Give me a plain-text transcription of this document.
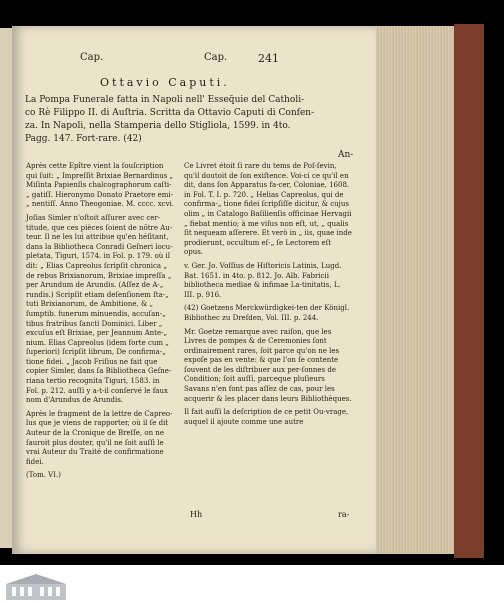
Cap.	Cap.	241
Ottavio Caputi.
La Pompa Funerale fatta in Napoli nell' Esseq̃uie del Catholi-
co Rè Filippo II. di Auſtria. Scritta da Ottavio Caputi di Confen-
za. In Napoli, nella Stamperia dello Stigliola, 1599. in 4to.
Pagg. 147. Fort-rare. (42)
An-

Après cette Epître vient la ſouſcription qui ſuit: „ Impreſſit Brixiae Bernardinus „ Miſinta Papienſis chalcographorum caſti-„ gatiſſ. Hieronymo Donato Praetore emi-„ nentiſſ. Anno Theogoniae. M. cccc. xcvi.

Joſias Simler n'oſtoit aſſurer avec cer-titude, que ces pièces ſoient de nôtre Au-teur. Il ne les lui attribue qu'en héſitant, dans la Bibliotheca Conradi Geſneri locu-pletata, Tiguri, 1574. in Fol. p. 179. où il dit: „ Elias Capreolus ſcripſit chronica „ de rebus Brixianorum, Brixiae impreſſa „ per Arundum de Arundis. (Aſſez de A-„ rundis.) Scripſit etiam deſenſionem ſta-„ tuti Brixianorum, de Ambitione, & „ ſumptib. funerum minuendis, accuſan-„ tibus fratribus ſancti Dominici. Liber „ excuſus eſt Brixiae, per Jeannum Ante-„ nium. Elias Capreolus (idem forte cum „ ſuperiori) ſcripſit librum, De confirma-„ tione fidei. „ Jacob Friſius ne fait que copier Simler, dans ſa Bibliotheca Geſne-riana tertio recognita Tiguri, 1583. in Fol. p. 212. auſſi y a-t-il conſervé le faux nom d'Arundus de Arundis.

Après le fragment de la lettre de Capreo-lus que je viens de rapporter, où il ſe dit Auteur de la Cronique de Breſſe, on ne ſauroit plus douter, qu'il ne ſoit auſſi le vrai Auteur du Traité de confirmatione fidei.

(Tom. VI.)

Ce Livret étoit ſi rare du tems de Poſ-ſevin, qu'il doutoit de ſon exiſtence. Voi-ci ce qu'il en dit, dans ſon Apparatus fa-cer, Coloniae, 1608. in Fol. T. I. p. 720. „ Helias Capreolus, qui de confirma-„ tione fidei ſcripſiſſe dicitur, & cujus olim „ in Catalogo Baſilienſis officinae Hervagii „ fiebat mentio; à me viſus non eſt, ut, „ qualis ſit nequeam aſſerere. Et verò in „ iis, quae inde prodierunt, occultum eſ-„ ſe Lectorem eſt opus.

v. Ger. Jo. Voſſius de Hiſtoricis Latinis, Lugd. Bat. 1651. in 4to. p. 812. Jo. Alb. Fabricii bibliotheca mediae & infimae La-tinitatis, L. III. p. 916.

(42) Goetzens Merckwürdigkei-ten der Königl. Bibliothec zu Dreſden, Vol. III. p. 244.

Mr. Goetze remarque avec raiſon, que les Livres de pompes & de Ceremonies ſont ordinairement rares, ſoit parce qu'on ne les expoſe pas en vente: & que l'on ſe contente ſouvent de les diſtribuer aux per-ſonnes de Condition; ſoit auſſi, parceque pluſieurs Savans n'en font pas aſſez de cas, pour les acquerir & les placer dans leurs Bibliothèques.

Il fait auſſi la deſcription de ce petit Ou-vrage, auquel il ajoute comme une autre

Hh	ra-
